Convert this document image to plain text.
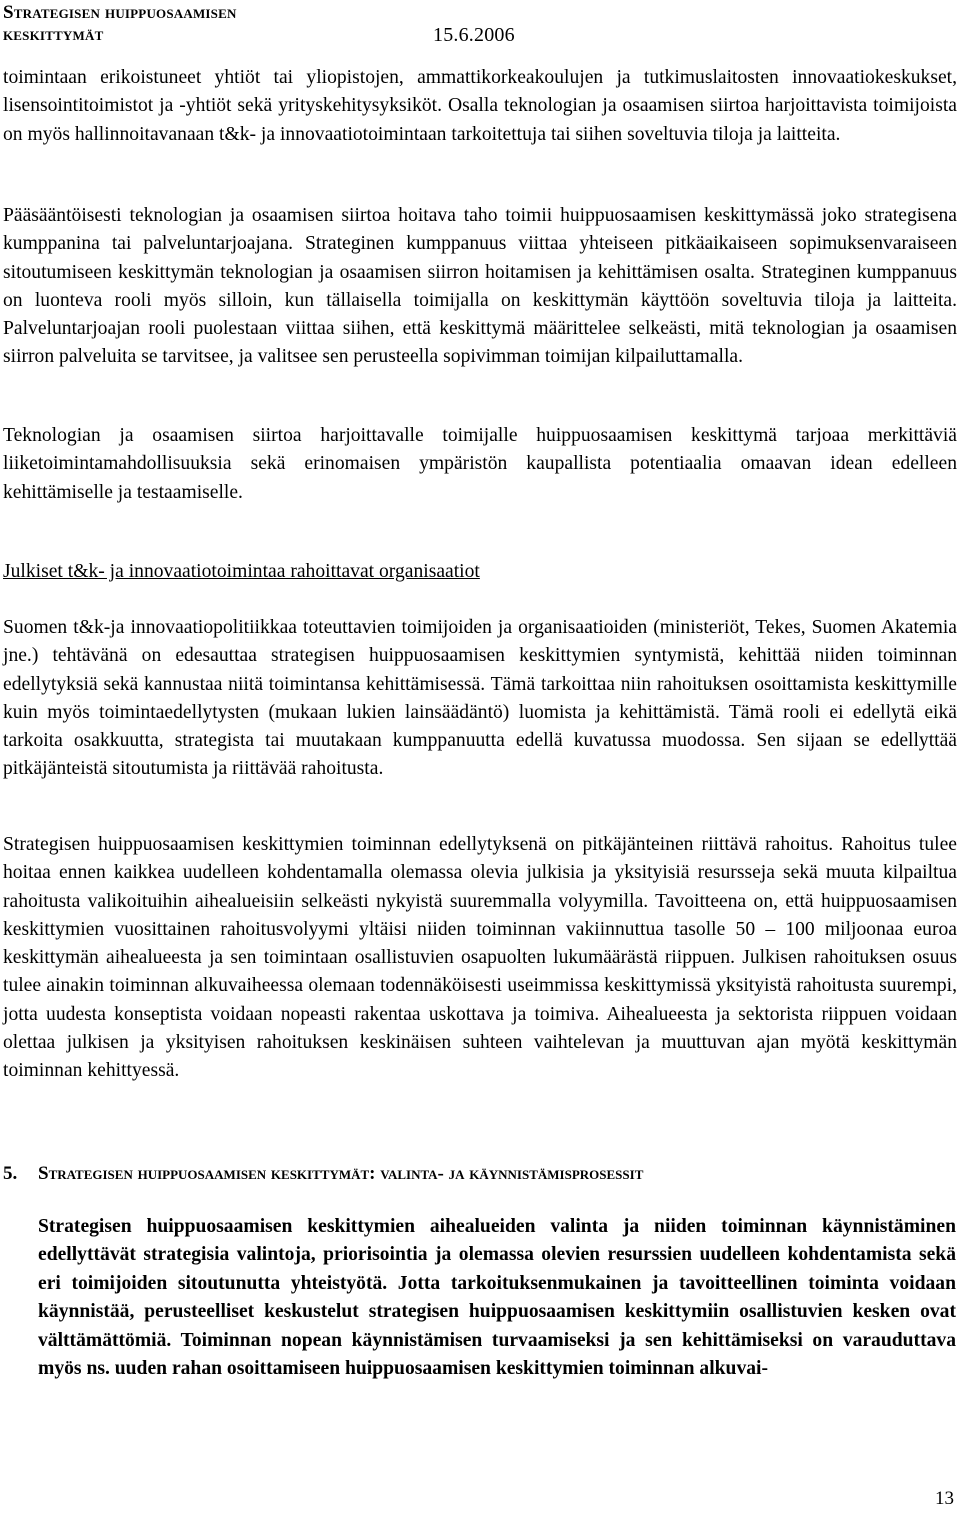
Strategisen huippuosaamisen
keskittymät	15.6.2006
toimintaan erikoistuneet yhtiöt tai yliopistojen, ammattikorkeakoulujen ja tutkimuslaitosten innovaatiokeskukset, lisensointitoimistot ja -yhtiöt sekä yrityskehitysyksiköt. Osalla teknologian ja osaamisen siirtoa harjoittavista toimijoista on myös hallinnoitavanaan t&k- ja innovaatiotoimintaan tarkoitettuja tai siihen soveltuvia tiloja ja laitteita.
Pääsääntöisesti teknologian ja osaamisen siirtoa hoitava taho toimii huippuosaamisen keskittymässä joko strategisena kumppanina tai palveluntarjoajana. Strateginen kumppanuus viittaa yhteiseen pitkäaikaiseen sopimuksenvaraiseen sitoutumiseen keskittymän teknologian ja osaamisen siirron hoitamisen ja kehittämisen osalta. Strateginen kumppanuus on luonteva rooli myös silloin, kun tällaisella toimijalla on keskittymän käyttöön soveltuvia tiloja ja laitteita. Palveluntarjoajan rooli puolestaan viittaa siihen, että keskittymä määrittelee selkeästi, mitä teknologian ja osaamisen siirron palveluita se tarvitsee, ja valitsee sen perusteella sopivimman toimijan kilpailuttamalla.
Teknologian ja osaamisen siirtoa harjoittavalle toimijalle huippuosaamisen keskittymä tarjoaa merkittäviä liiketoimintamahdollisuuksia sekä erinomaisen ympäristön kaupallista potentiaalia omaavan idean edelleen kehittämiselle ja testaamiselle.
Julkiset t&k- ja innovaatiotoimintaa rahoittavat organisaatiot
Suomen t&k-ja innovaatiopolitiikkaa toteuttavien toimijoiden ja organisaatioiden (ministeriöt, Tekes, Suomen Akatemia jne.) tehtävänä on edesauttaa strategisen huippuosaamisen keskittymien syntymistä, kehittää niiden toiminnan edellytyksiä sekä kannustaa niitä toimintansa kehittämisessä. Tämä tarkoittaa niin rahoituksen osoittamista keskittymille kuin myös toimintaedellytysten (mukaan lukien lainsäädäntö) luomista ja kehittämistä. Tämä rooli ei edellytä eikä tarkoita osakkuutta, strategista tai muutakaan kumppanuutta edellä kuvatussa muodossa. Sen sijaan se edellyttää pitkäjänteistä sitoutumista ja riittävää rahoitusta.
Strategisen huippuosaamisen keskittymien toiminnan edellytyksenä on pitkäjänteinen riittävä rahoitus. Rahoitus tulee hoitaa ennen kaikkea uudelleen kohdentamalla olemassa olevia julkisia ja yksityisiä resursseja sekä muuta kilpailtua rahoitusta valikoituihin aihealueisiin selkeästi nykyistä suuremmalla volyymilla. Tavoitteena on, että huippuosaamisen keskittymien vuosittainen rahoitusvolyymi yltäisi niiden toiminnan vakiinnuttua tasolle 50 – 100 miljoonaa euroa keskittymän aihealueesta ja sen toimintaan osallistuvien osapuolten lukumäärästä riippuen. Julkisen rahoituksen osuus tulee ainakin toiminnan alkuvaiheessa olemaan todennäköisesti useimmissa keskittymissä yksityistä rahoitusta suurempi, jotta uudesta konseptista voidaan nopeasti rakentaa uskottava ja toimiva. Aihealueesta ja sektorista riippuen voidaan olettaa julkisen ja yksityisen rahoituksen keskinäisen suhteen vaihtelevan ja muuttuvan ajan myötä keskittymän toiminnan kehittyessä.
5. Strategisen huippuosaamisen keskittymät: valinta- ja käynnistämisprosessit
Strategisen huippuosaamisen keskittymien aihealueiden valinta ja niiden toiminnan käynnistäminen edellyttävät strategisia valintoja, priorisointia ja olemassa olevien resurssien uudelleen kohdentamista sekä eri toimijoiden sitoutunutta yhteistyötä. Jotta tarkoituksenmukainen ja tavoitteellinen toiminta voidaan käynnistää, perusteelliset keskustelut strategisen huippuosaamisen keskittymiin osallistuvien kesken ovat välttämättömiä. Toiminnan nopean käynnistämisen turvaamiseksi ja sen kehittämiseksi on varauduttava myös ns. uuden rahan osoittamiseen huippuosaamisen keskittymien toiminnan alkuvai-
13
